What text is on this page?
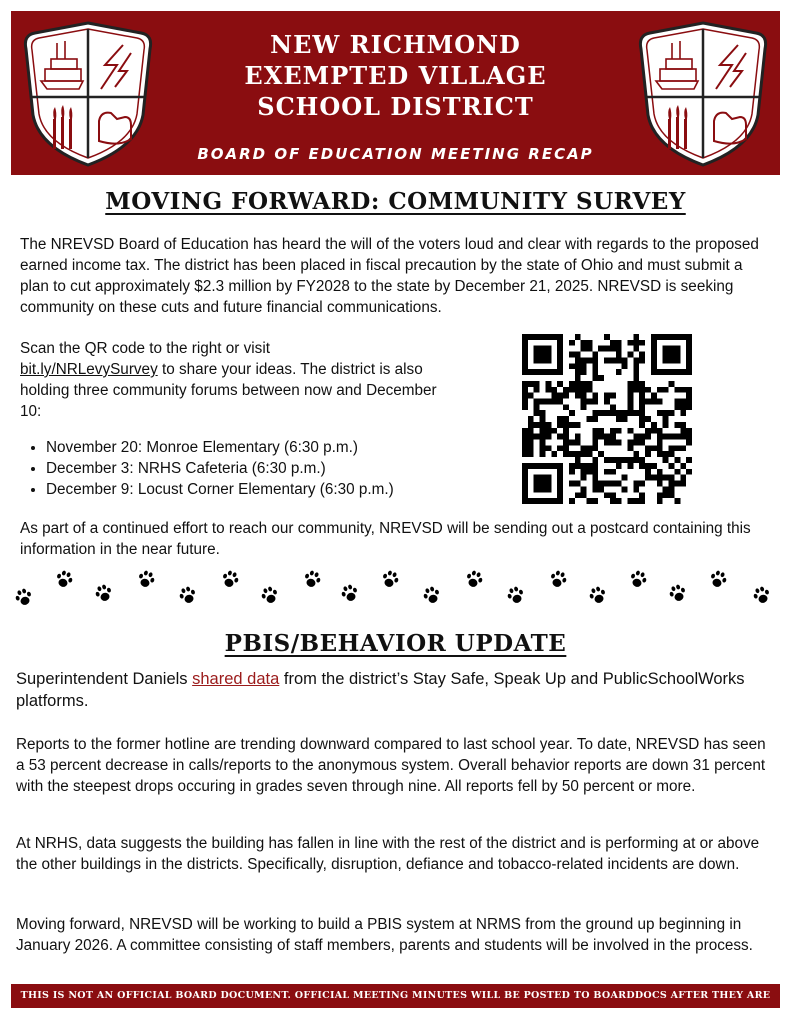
NEW RICHMOND
EXEMPTED VILLAGE
SCHOOL DISTRICT
BOARD OF EDUCATION MEETING RECAP
MOVING FORWARD: COMMUNITY SURVEY

The NREVSD Board of Education has heard the will of the voters loud and clear with regards to the proposed earned income tax. The district has been placed in fiscal precaution by the state of Ohio and must submit a plan to cut approximately $2.3 million by FY2028 to the state by December 21, 2025. NREVSD is seeking community on these cuts and future financial communications.

Scan the QR code to the right or visit
bit.ly/NRLevySurvey to share your ideas. The district is also holding three community forums between now and December 10:

• November 20: Monroe Elementary (6:30 p.m.)
• December 3: NRHS Cafeteria (6:30 p.m.)
• December 9: Locust Corner Elementary (6:30 p.m.)

As part of a continued effort to reach our community, NREVSD will be sending out a postcard containing this information in the near future.

PBIS/BEHAVIOR UPDATE

Superintendent Daniels shared data from the district’s Stay Safe, Speak Up and PublicSchoolWorks platforms.

Reports to the former hotline are trending downward compared to last school year. To date, NREVSD has seen a 53 percent decrease in calls/reports to the anonymous system. Overall behavior reports are down 31 percent with the steepest drops occuring in grades seven through nine. All reports fell by 50 percent or more.

At NRHS, data suggests the building has fallen in line with the rest of the district and is performing at or above the other buildings in the districts. Specifically, disruption, defiance and tobacco-related incidents are down.

Moving forward, NREVSD will be working to build a PBIS system at NRMS from the ground up beginning in January 2026. A committee consisting of staff members, parents and students will be involved in the process.

THIS IS NOT AN OFFICIAL BOARD DOCUMENT. OFFICIAL MEETING MINUTES WILL BE POSTED TO BOARDDOCS AFTER THEY ARE APPROVED.
